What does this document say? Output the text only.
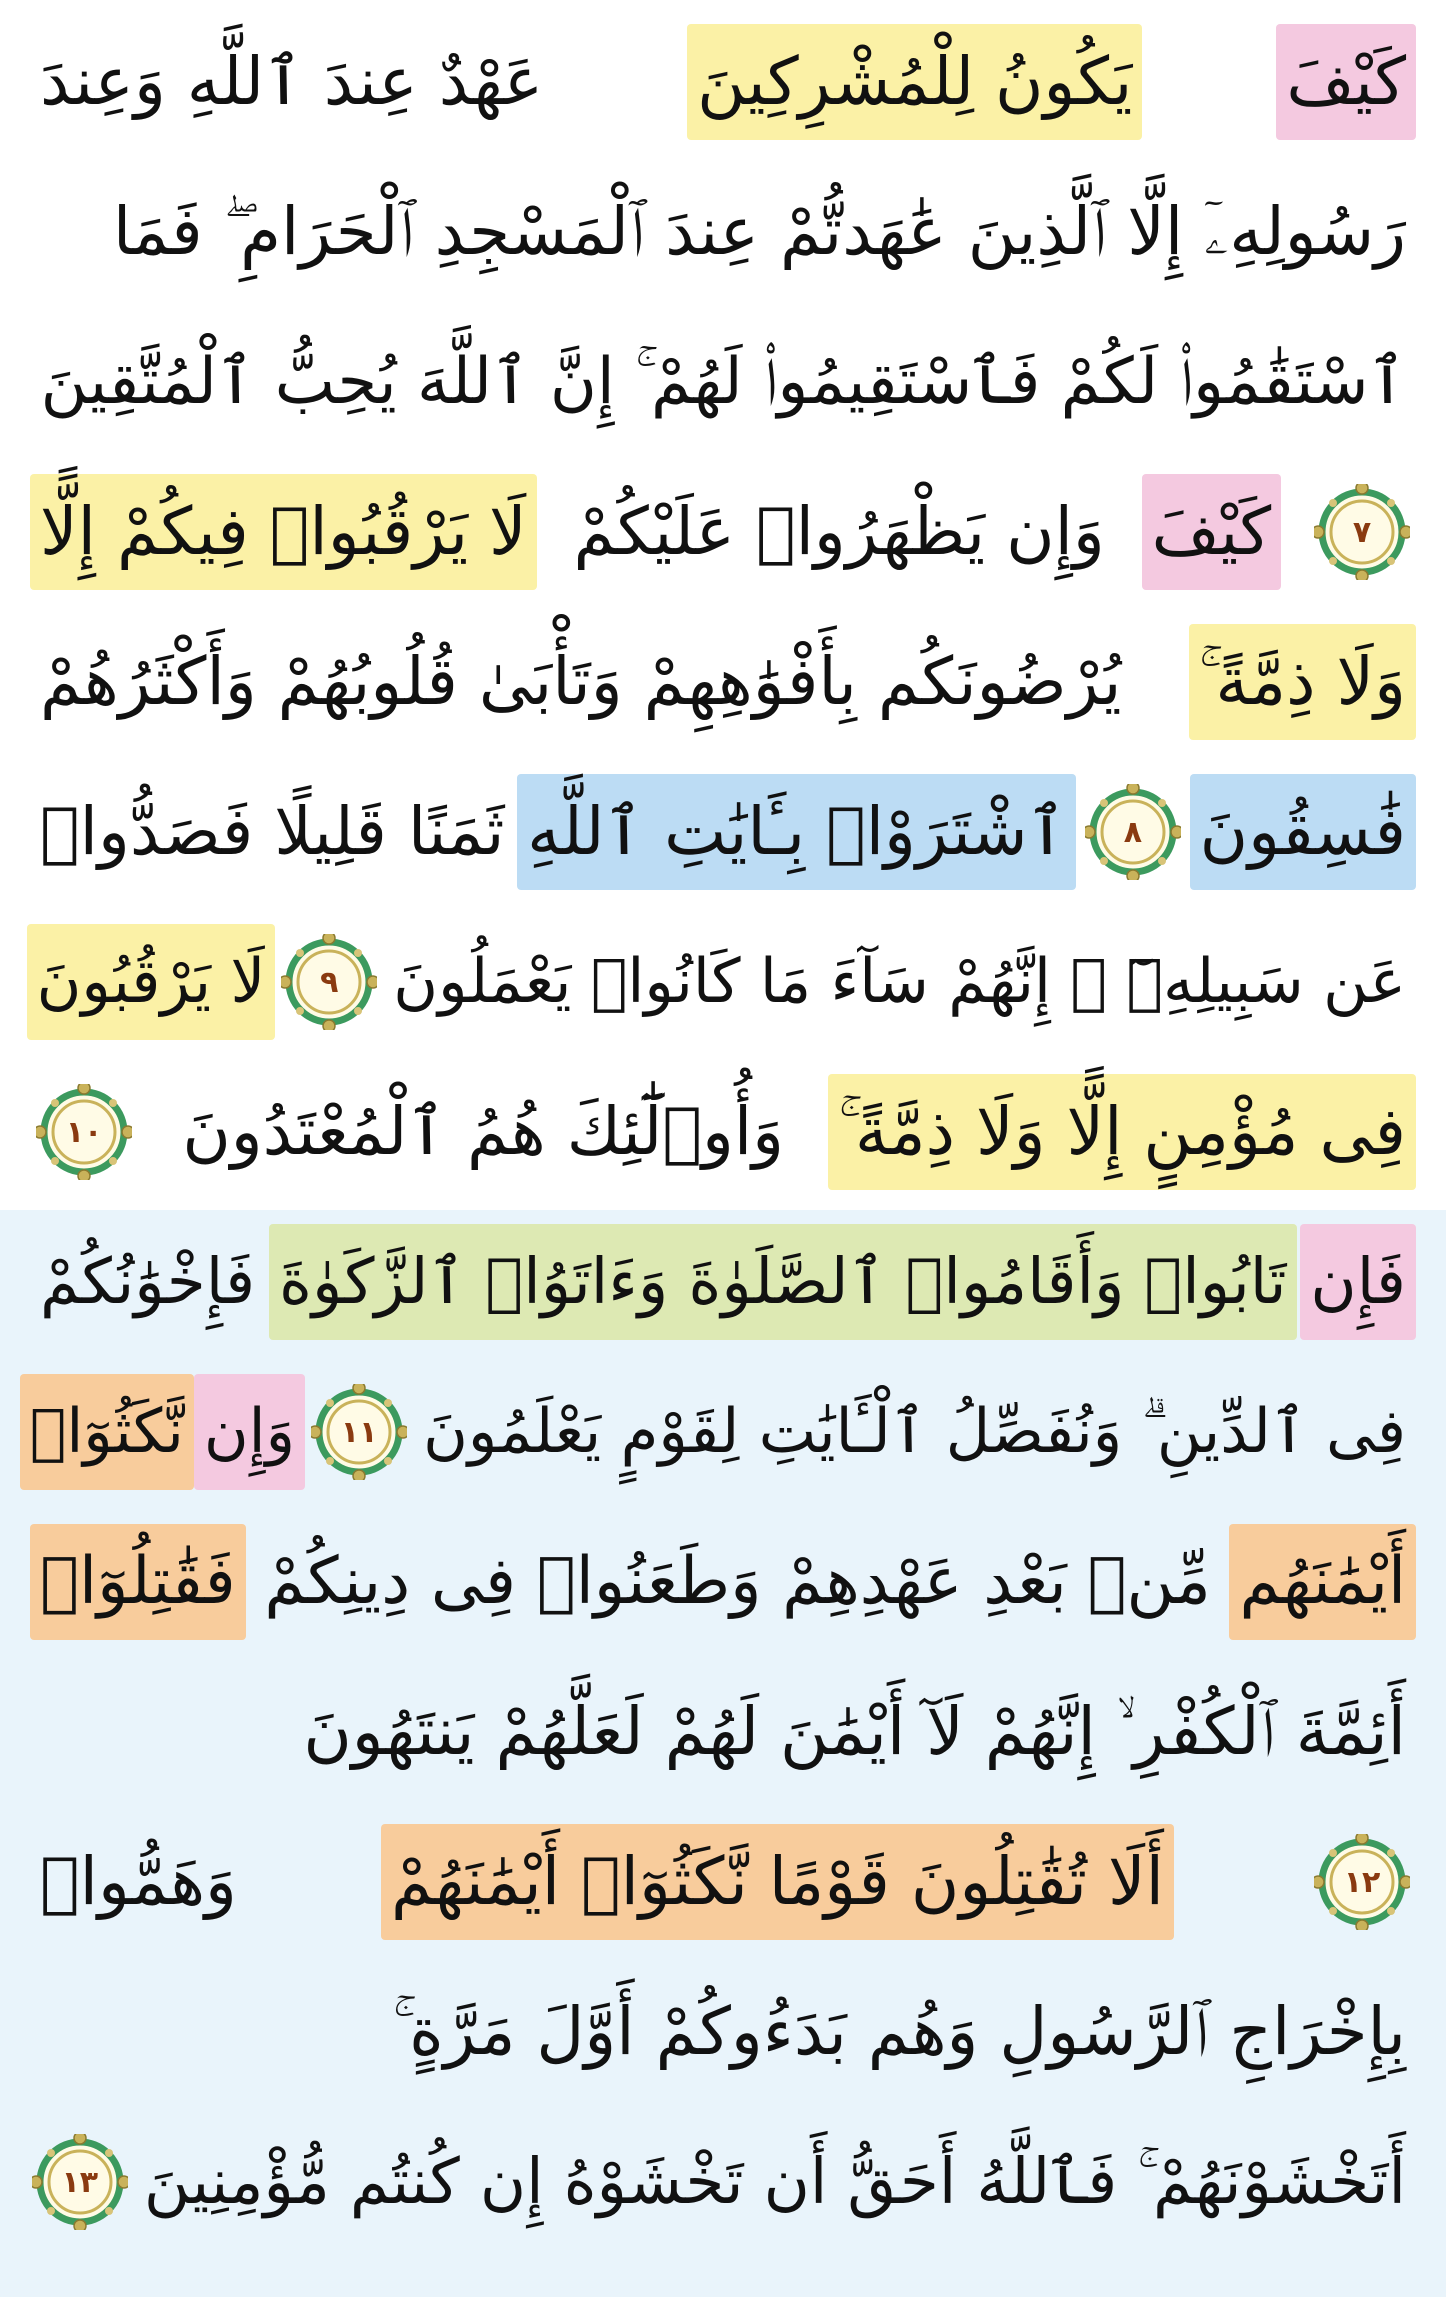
كَيْفَ
يَكُونُ لِلْمُشْرِكِينَ
عَهْدٌ عِندَ ٱللَّهِ وَعِندَ
رَسُولِهِۦٓ إِلَّا ٱلَّذِينَ عَٰهَدتُّمْ عِندَ ٱلْمَسْجِدِ ٱلْحَرَامِ ۖ فَمَا
ٱسْتَقَٰمُوا۟ لَكُمْ فَٱسْتَقِيمُوا۟ لَهُمْ ۚ إِنَّ ٱللَّهَ يُحِبُّ ٱلْمُتَّقِينَ
٧
كَيْفَ
وَإِن يَظْهَرُوا۟ عَلَيْكُمْ
لَا يَرْقُبُوا۟ فِيكُمْ إِلًّا
وَلَا ذِمَّةً ۚ
يُرْضُونَكُم بِأَفْوَٰهِهِمْ وَتَأْبَىٰ قُلُوبُهُمْ وَأَكْثَرُهُمْ
فَٰسِقُونَ
٨
ٱشْتَرَوْا۟ بِـَٔايَٰتِ ٱللَّهِ
ثَمَنًا قَلِيلًا فَصَدُّوا۟
عَن سَبِيلِهِۦٓ ۚ إِنَّهُمْ سَآءَ مَا كَانُوا۟ يَعْمَلُونَ
٩
لَا يَرْقُبُونَ
فِى مُؤْمِنٍ إِلًّا وَلَا ذِمَّةً ۚ
وَأُو۟لَٰٓئِكَ هُمُ ٱلْمُعْتَدُونَ
١٠
فَإِن
تَابُوا۟ وَأَقَامُوا۟ ٱلصَّلَوٰةَ وَءَاتَوُا۟ ٱلزَّكَوٰةَ
فَإِخْوَٰنُكُمْ
فِى ٱلدِّينِ ۗ وَنُفَصِّلُ ٱلْـَٔايَٰتِ لِقَوْمٍ يَعْلَمُونَ
١١
وَإِن
نَّكَثُوٓا۟
أَيْمَٰنَهُم
مِّنۢ بَعْدِ عَهْدِهِمْ وَطَعَنُوا۟ فِى دِينِكُمْ
فَقَٰتِلُوٓا۟
أَئِمَّةَ ٱلْكُفْرِ ۙ إِنَّهُمْ لَآ أَيْمَٰنَ لَهُمْ لَعَلَّهُمْ يَنتَهُونَ
١٢
أَلَا تُقَٰتِلُونَ قَوْمًا نَّكَثُوٓا۟ أَيْمَٰنَهُمْ
وَهَمُّوا۟
بِإِخْرَاجِ ٱلرَّسُولِ وَهُم بَدَءُوكُمْ أَوَّلَ مَرَّةٍ ۚ
أَتَخْشَوْنَهُمْ ۚ فَٱللَّهُ أَحَقُّ أَن تَخْشَوْهُ إِن كُنتُم مُّؤْمِنِينَ
١٣
